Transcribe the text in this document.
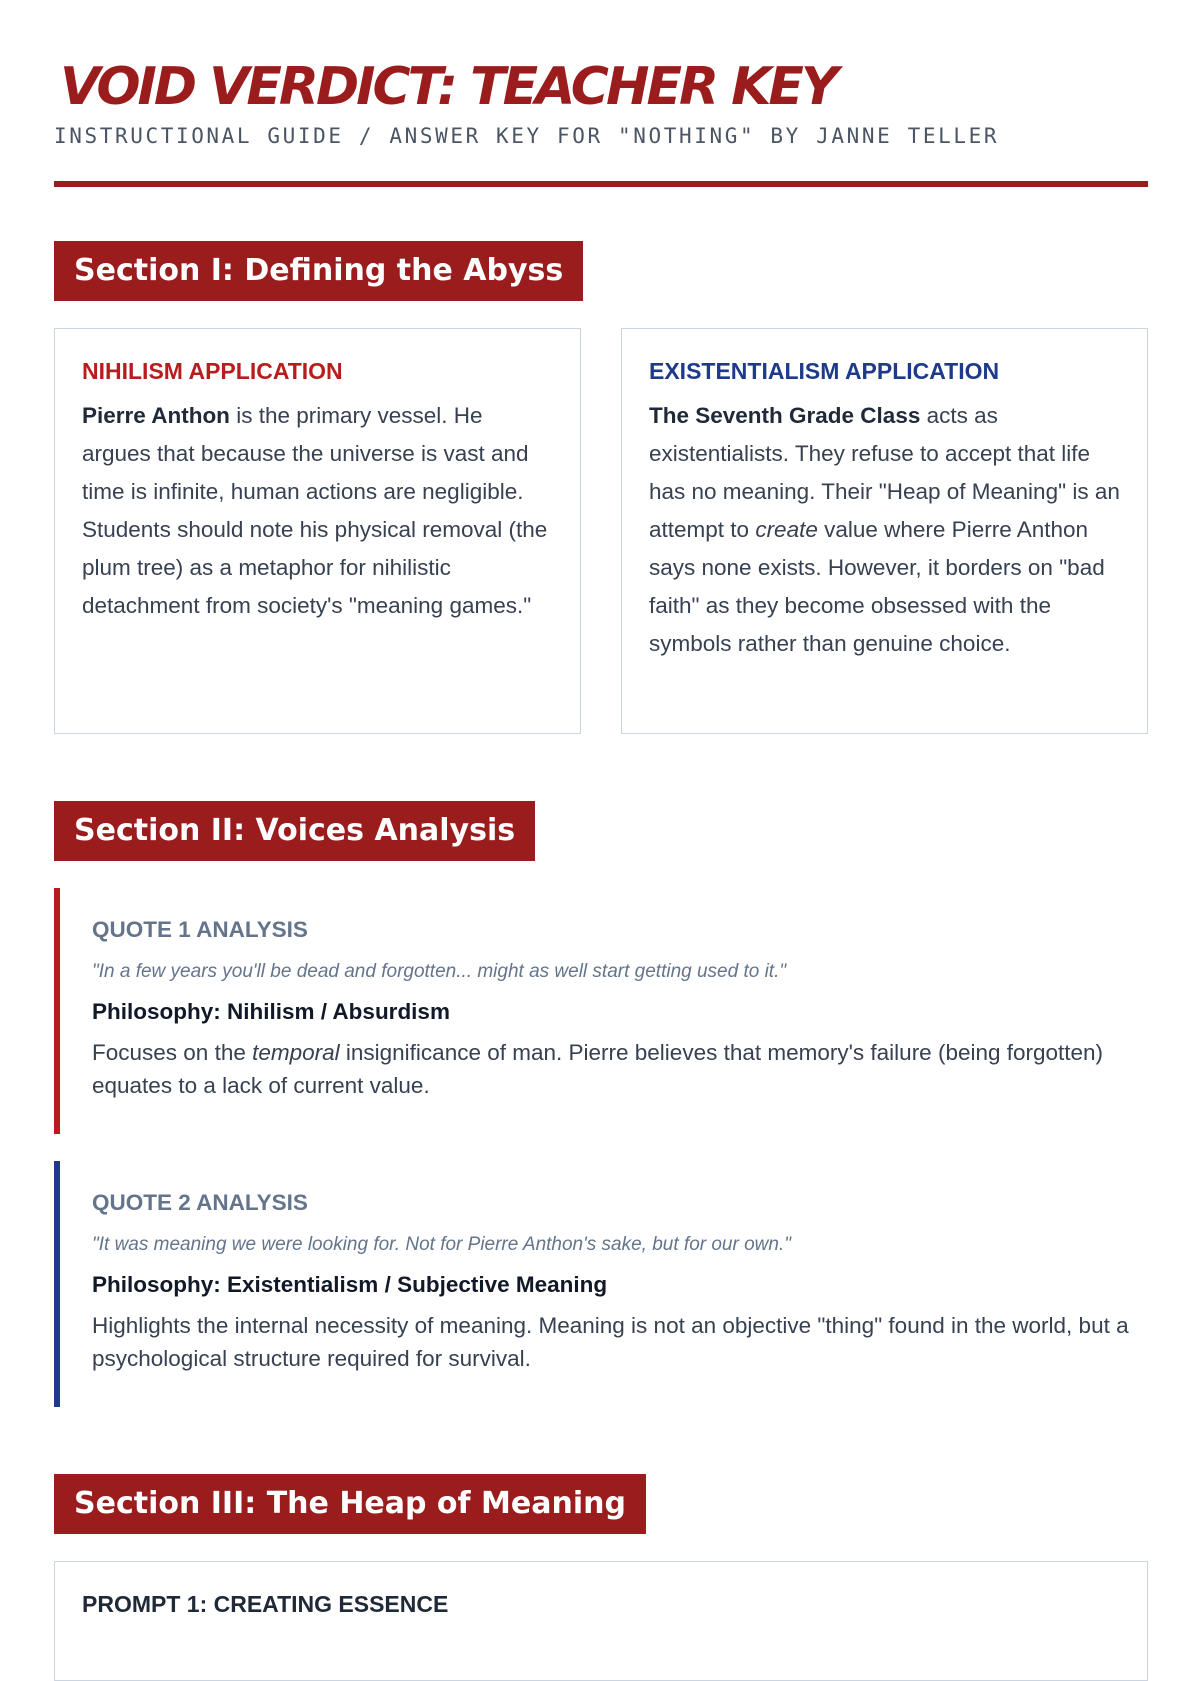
VOID VERDICT: TEACHER KEY
INSTRUCTIONAL GUIDE / ANSWER KEY FOR "NOTHING" BY JANNE TELLER
Section I: Defining the Abyss
NIHILISM APPLICATION

Pierre Anthon is the primary vessel. He argues that because the universe is vast and time is infinite, human actions are negligible. Students should note his physical removal (the plum tree) as a metaphor for nihilistic detachment from society's "meaning games."

EXISTENTIALISM APPLICATION

The Seventh Grade Class acts as existentialists. They refuse to accept that life has no meaning. Their "Heap of Meaning" is an attempt to create value where Pierre Anthon says none exists. However, it borders on "bad faith" as they become obsessed with the symbols rather than genuine choice.

Section II: Voices Analysis
QUOTE 1 ANALYSIS
"In a few years you'll be dead and forgotten... might as well start getting used to it."
Philosophy: Nihilism / Absurdism

Focuses on the temporal insignificance of man. Pierre believes that memory's failure (being forgotten) equates to a lack of current value.

QUOTE 2 ANALYSIS
"It was meaning we were looking for. Not for Pierre Anthon's sake, but for our own."
Philosophy: Existentialism / Subjective Meaning

Highlights the internal necessity of meaning. Meaning is not an objective "thing" found in the world, but a psychological structure required for survival.

Section III: The Heap of Meaning
PROMPT 1: CREATING ESSENCE
